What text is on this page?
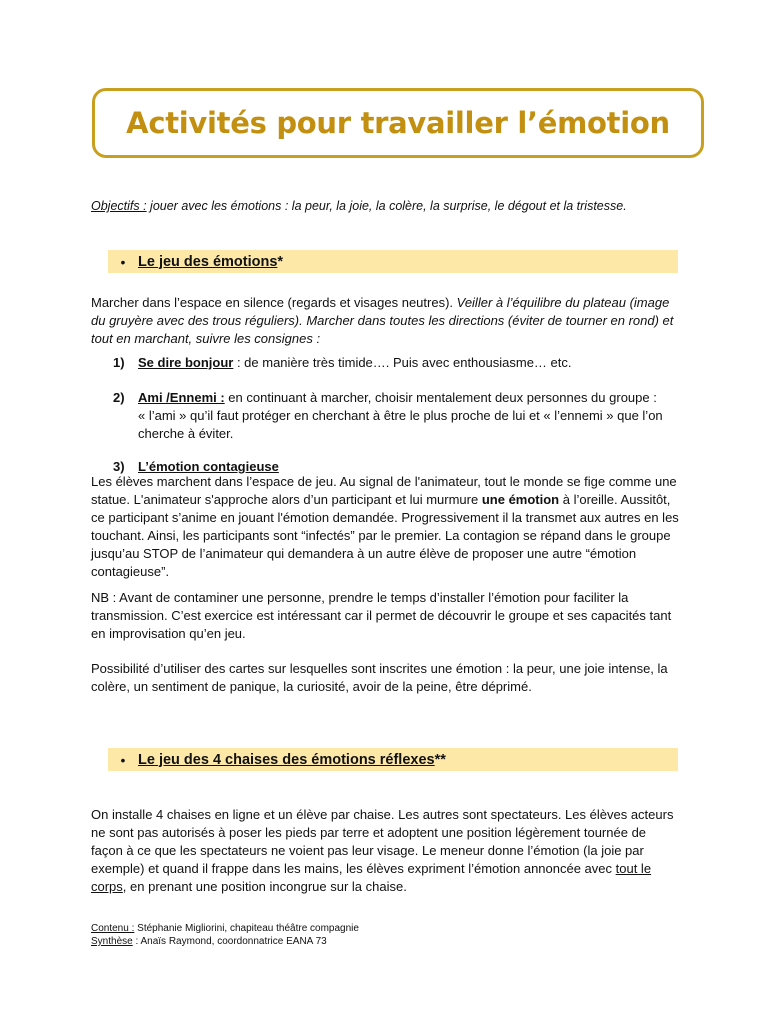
Activités pour travailler l’émotion
Objectifs : jouer avec les émotions : la peur, la joie, la colère, la surprise, le dégout et la tristesse.
• Le jeu des émotions *
Marcher dans l’espace en silence (regards et visages neutres). Veiller à l’équilibre du plateau (image du gruyère avec des trous réguliers). Marcher dans toutes les directions (éviter de tourner en rond) et tout en marchant, suivre les consignes :
1) Se dire bonjour : de manière très timide…. Puis avec enthousiasme… etc.
2) Ami /Ennemi : en continuant à marcher, choisir mentalement deux personnes du groupe :
« l’ami » qu’il faut protéger en cherchant à être le plus proche de lui et « l’ennemi » que l’on cherche à éviter.
3) L’émotion contagieuse
Les élèves marchent dans l’espace de jeu. Au signal de l'animateur, tout le monde se fige comme une statue. L'animateur s'approche alors d’un participant et lui murmure une émotion à l’oreille. Aussitôt, ce participant s’anime en jouant l'émotion demandée. Progressivement il la transmet aux autres en les touchant. Ainsi, les participants sont “infectés” par le premier. La contagion se répand dans le groupe jusqu’au STOP de l’animateur qui demandera à un autre élève de proposer une autre “émotion contagieuse”.
NB : Avant de contaminer une personne, prendre le temps d’installer l’émotion pour faciliter la transmission. C’est exercice est intéressant car il permet de découvrir le groupe et ses capacités tant en improvisation qu’en jeu.
Possibilité d’utiliser des cartes sur lesquelles sont inscrites une émotion : la peur, une joie intense, la colère, un sentiment de panique, la curiosité, avoir de la peine, être déprimé.
• Le jeu des 4 chaises des émotions réflexes **
On installe 4 chaises en ligne et un élève par chaise. Les autres sont spectateurs. Les élèves acteurs ne sont pas autorisés à poser les pieds par terre et adoptent une position légèrement tournée de façon à ce que les spectateurs ne voient pas leur visage. Le meneur donne l’émotion (la joie par exemple) et quand il frappe dans les mains, les élèves expriment l’émotion annoncée avec tout le corps, en prenant une position incongrue sur la chaise.
Contenu : Stéphanie Migliorini, chapiteau théâtre compagnie
Synthèse : Anaïs Raymond, coordonnatrice EANA 73
